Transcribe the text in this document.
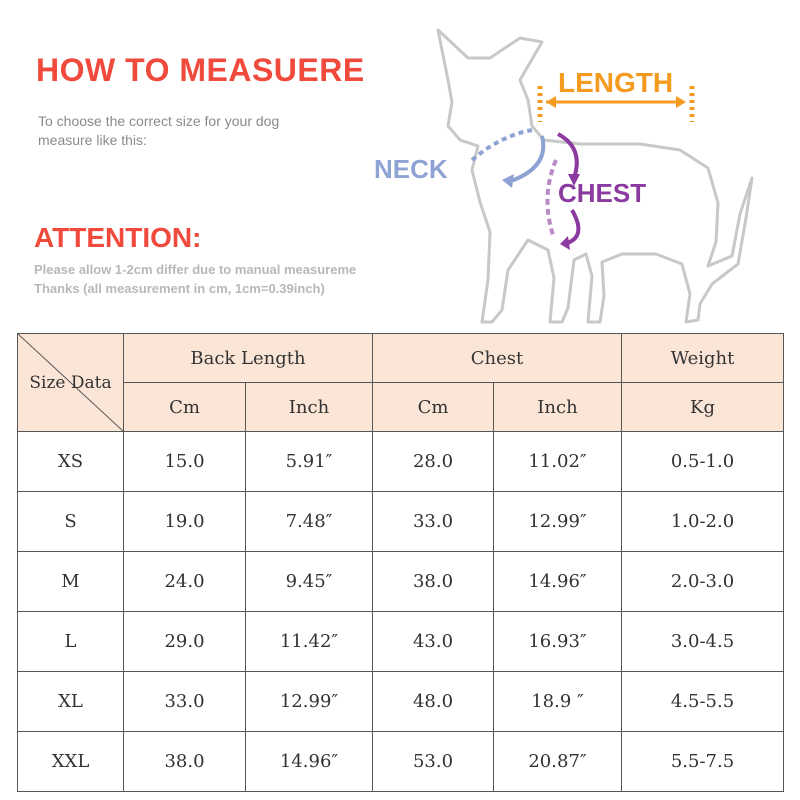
HOW TO MEASUERE
To choose the correct size for your dog
measure like this:
ATTENTION:
Please allow 1-2cm differ due to manual measureme
Thanks (all measurement in cm, 1cm=0.39inch)
LENGTH
NECK
CHEST
Size Data	Back Length		Chest		Weight
	Cm	Inch	Cm	Inch	Kg
XS	15.0	5.91″	28.0	11.02″	0.5-1.0
S	19.0	7.48″	33.0	12.99″	1.0-2.0
M	24.0	9.45″	38.0	14.96″	2.0-3.0
L	29.0	11.42″	43.0	16.93″	3.0-4.5
XL	33.0	12.99″	48.0	18.9 ″	4.5-5.5
XXL	38.0	14.96″	53.0	20.87″	5.5-7.5
